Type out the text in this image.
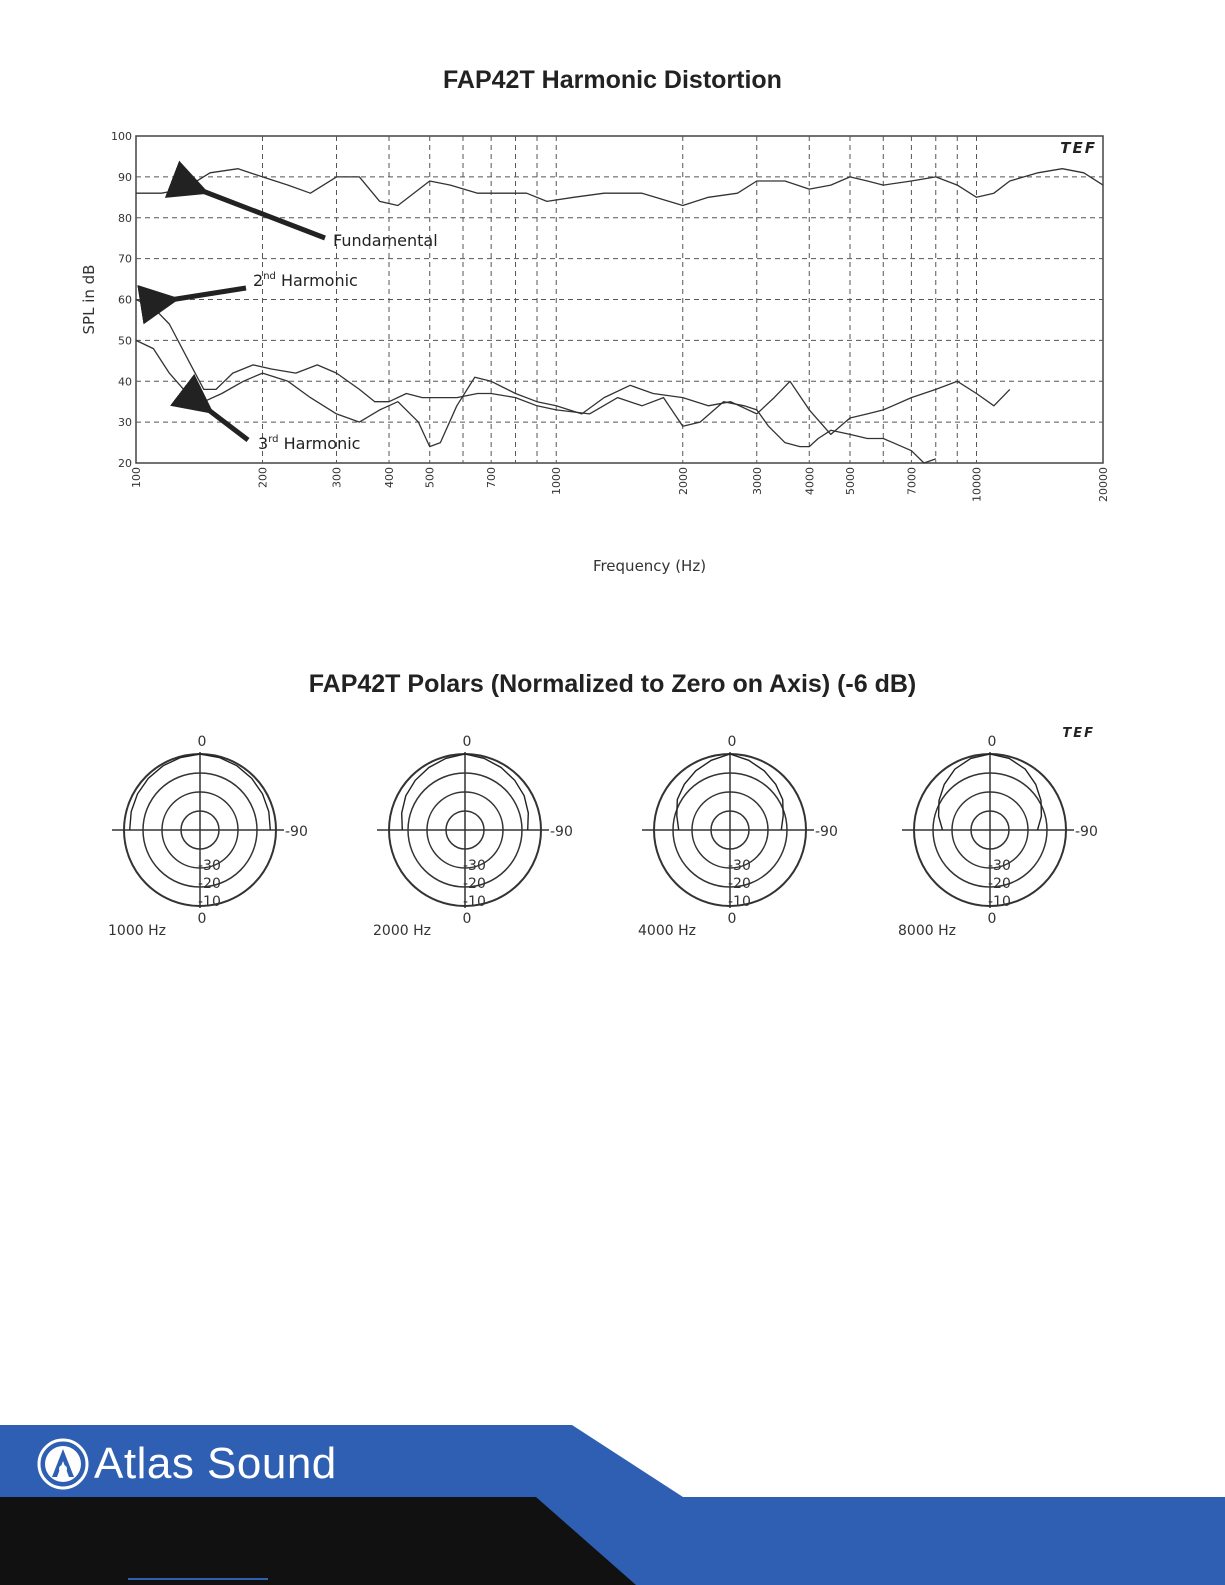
FAP42T Harmonic Distortion
20
30
40
50
60
70
80
90
100
100	200	300	400	500	700	1000	2000	3000	4000	5000	7000	10000	20000
SPL in dB
Frequency (Hz)
TEF
Fundamental
2nd Harmonic
3rd Harmonic
FAP42T Polars (Normalized to Zero on Axis) (-6 dB)
TEF
0
-90
0
-30
-20
-10
1000 Hz
0
-90
0
-30
-20
-10
2000 Hz
0
-90
0
-30
-20
-10
4000 Hz
0
-90
0
-30
-20
-10
8000 Hz
Atlas Sound
